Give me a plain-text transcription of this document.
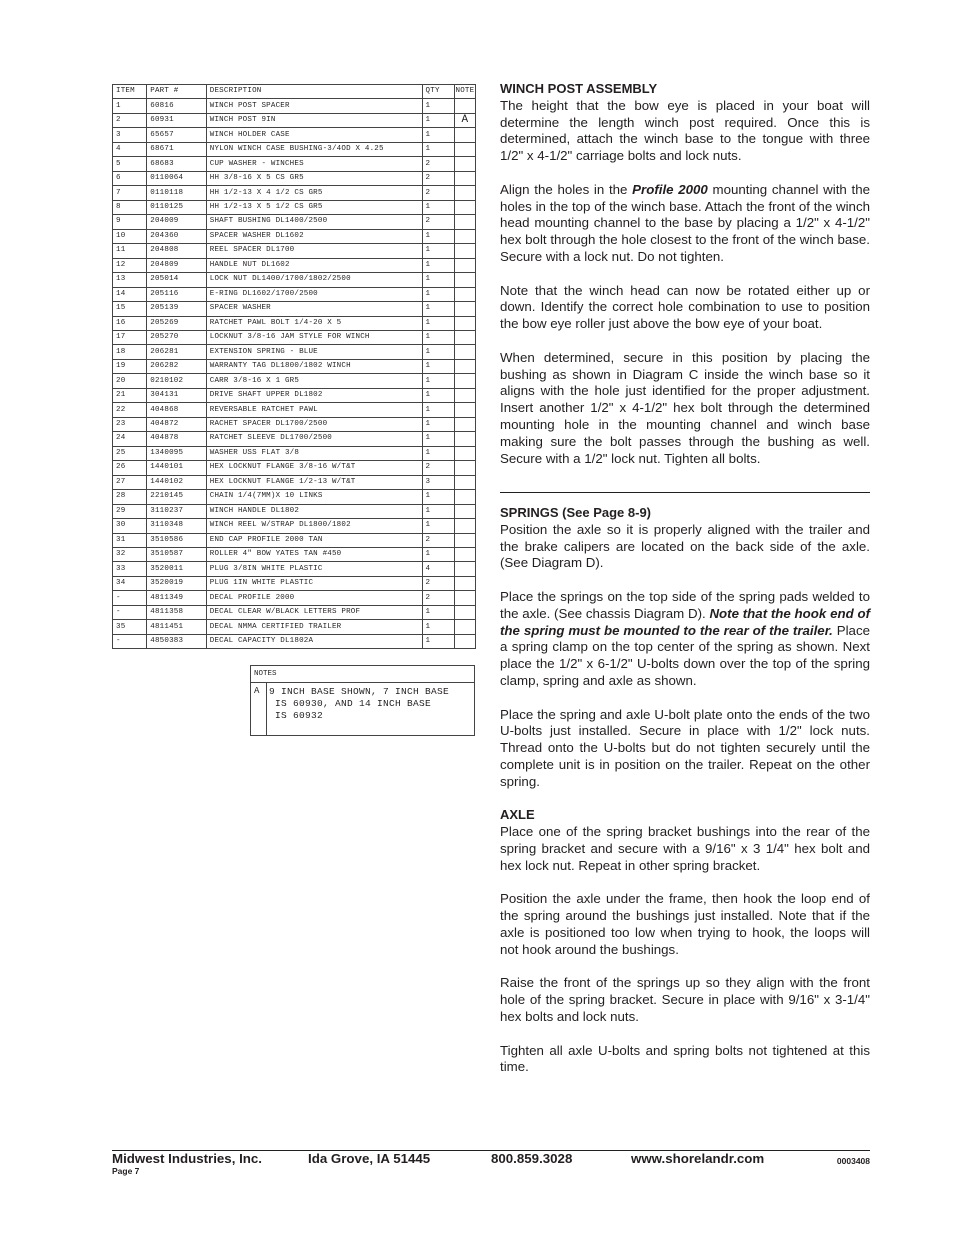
ITEM	PART #	DESCRIPTION	QTY	NOTE
1	60816	WINCH POST SPACER	1	
2	60931	WINCH POST 9IN	1	A
3	65657	WINCH HOLDER CASE	1	
4	68671	NYLON WINCH CASE BUSHING-3/4OD X 4.25	1	
5	68683	CUP WASHER - WINCHES	2	
6	0110064	HH 3/8-16 X 5 CS GR5	2	
7	0110118	HH 1/2-13 X 4 1/2 CS GR5	2	
8	0110125	HH 1/2-13 X 5 1/2 CS GR5	1	
9	204009	SHAFT BUSHING DL1400/2500	2	
10	204360	SPACER WASHER DL1602	1	
11	204808	REEL SPACER DL1700	1	
12	204809	HANDLE NUT DL1602	1	
13	205014	LOCK NUT DL1400/1700/1802/2500	1	
14	205116	E-RING DL1602/1700/2500	1	
15	205139	SPACER WASHER	1	
16	205269	RATCHET PAWL BOLT 1/4-20 X 5	1	
17	205270	LOCKNUT 3/8-16 JAM STYLE FOR WINCH	1	
18	206281	EXTENSION SPRING - BLUE	1	
19	206282	WARRANTY TAG DL1800/1802 WINCH	1	
20	0210102	CARR 3/8-16 X 1 GR5	1	
21	304131	DRIVE SHAFT UPPER DL1802	1	
22	404868	REVERSABLE RATCHET PAWL	1	
23	404872	RACHET SPACER DL1700/2500	1	
24	404878	RATCHET SLEEVE DL1700/2500	1	
25	1340095	WASHER USS FLAT 3/8	1	
26	1440101	HEX LOCKNUT FLANGE 3/8-16 W/T&T	2	
27	1440102	HEX LOCKNUT FLANGE 1/2-13 W/T&T	3	
28	2210145	CHAIN 1/4(7MM)X 10 LINKS	1	
29	3110237	WINCH HANDLE DL1802	1	
30	3110348	WINCH REEL W/STRAP DL1800/1802	1	
31	3510586	END CAP PROFILE 2000 TAN	2	
32	3510587	ROLLER 4" BOW YATES TAN #450	1	
33	3520011	PLUG 3/8IN WHITE PLASTIC	4	
34	3520019	PLUG 1IN WHITE PLASTIC	2	
-	4811349	DECAL PROFILE 2000	2	
-	4811358	DECAL CLEAR W/BLACK LETTERS PROF	1	
35	4811451	DECAL NMMA CERTIFIED TRAILER	1	
-	4850383	DECAL CAPACITY DL1802A	1	
NOTES
A 9 INCH BASE SHOWN, 7 INCH BASE
IS 60930, AND 14 INCH BASE
IS 60932
WINCH POST ASSEMBLY

The height that the bow eye is placed in your boat will determine the length winch post required. Once this is determined, attach the winch base to the tongue with three 1/2" x 4-1/2" carriage bolts and lock nuts.

Align the holes in the Profile 2000 mounting channel with the holes in the top of the winch base. Attach the front of the winch head mounting channel to the base by placing a 1/2" x 4-1/2" hex bolt through the hole closest to the front of the winch base. Secure with a lock nut. Do not tighten.

Note that the winch head can now be rotated either up or down. Identify the correct hole combination to use to position the bow eye roller just above the bow eye of your boat.

When determined, secure in this position by placing the bushing as shown in Diagram C inside the winch base so it aligns with the hole just identified for the proper adjustment. Insert another 1/2" x 4-1/2" hex bolt through the determined mounting hole in the mounting channel and winch base making sure the bolt passes through the bushing as well. Secure with a 1/2" lock nut. Tighten all bolts.

SPRINGS (See Page 8-9)

Position the axle so it is properly aligned with the trailer and the brake calipers are located on the back side of the axle. (See Diagram D).

Place the springs on the top side of the spring pads welded to the axle. (See chassis Diagram D). Note that the hook end of the spring must be mounted to the rear of the trailer. Place a spring clamp on the top center of the spring as shown. Next place the 1/2" x 6-1/2" U-bolts down over the top of the spring clamp, spring and axle as shown.

Place the spring and axle U-bolt plate onto the ends of the two U-bolts just installed. Secure in place with 1/2" lock nuts. Thread onto the U-bolts but do not tighten securely until the complete unit is in position on the trailer. Repeat on the other spring.

AXLE

Place one of the spring bracket bushings into the rear of the spring bracket and secure with a 9/16" x 3 1/4" hex bolt and hex lock nut. Repeat in other spring bracket.

Position the axle under the frame, then hook the loop end of the spring around the bushings just installed. Note that if the axle is positioned too low when trying to hook, the loops will not hook around the bushings.

Raise the front of the springs up so they align with the front hole of the spring bracket. Secure in place with 9/16" x 3-1/4" hex bolts and lock nuts.

Tighten all axle U-bolts and spring bolts not tightened at this time.

Midwest Industries, Inc.	Ida Grove, IA 51445	800.859.3028	www.shorelandr.com
Page 7
0003408
